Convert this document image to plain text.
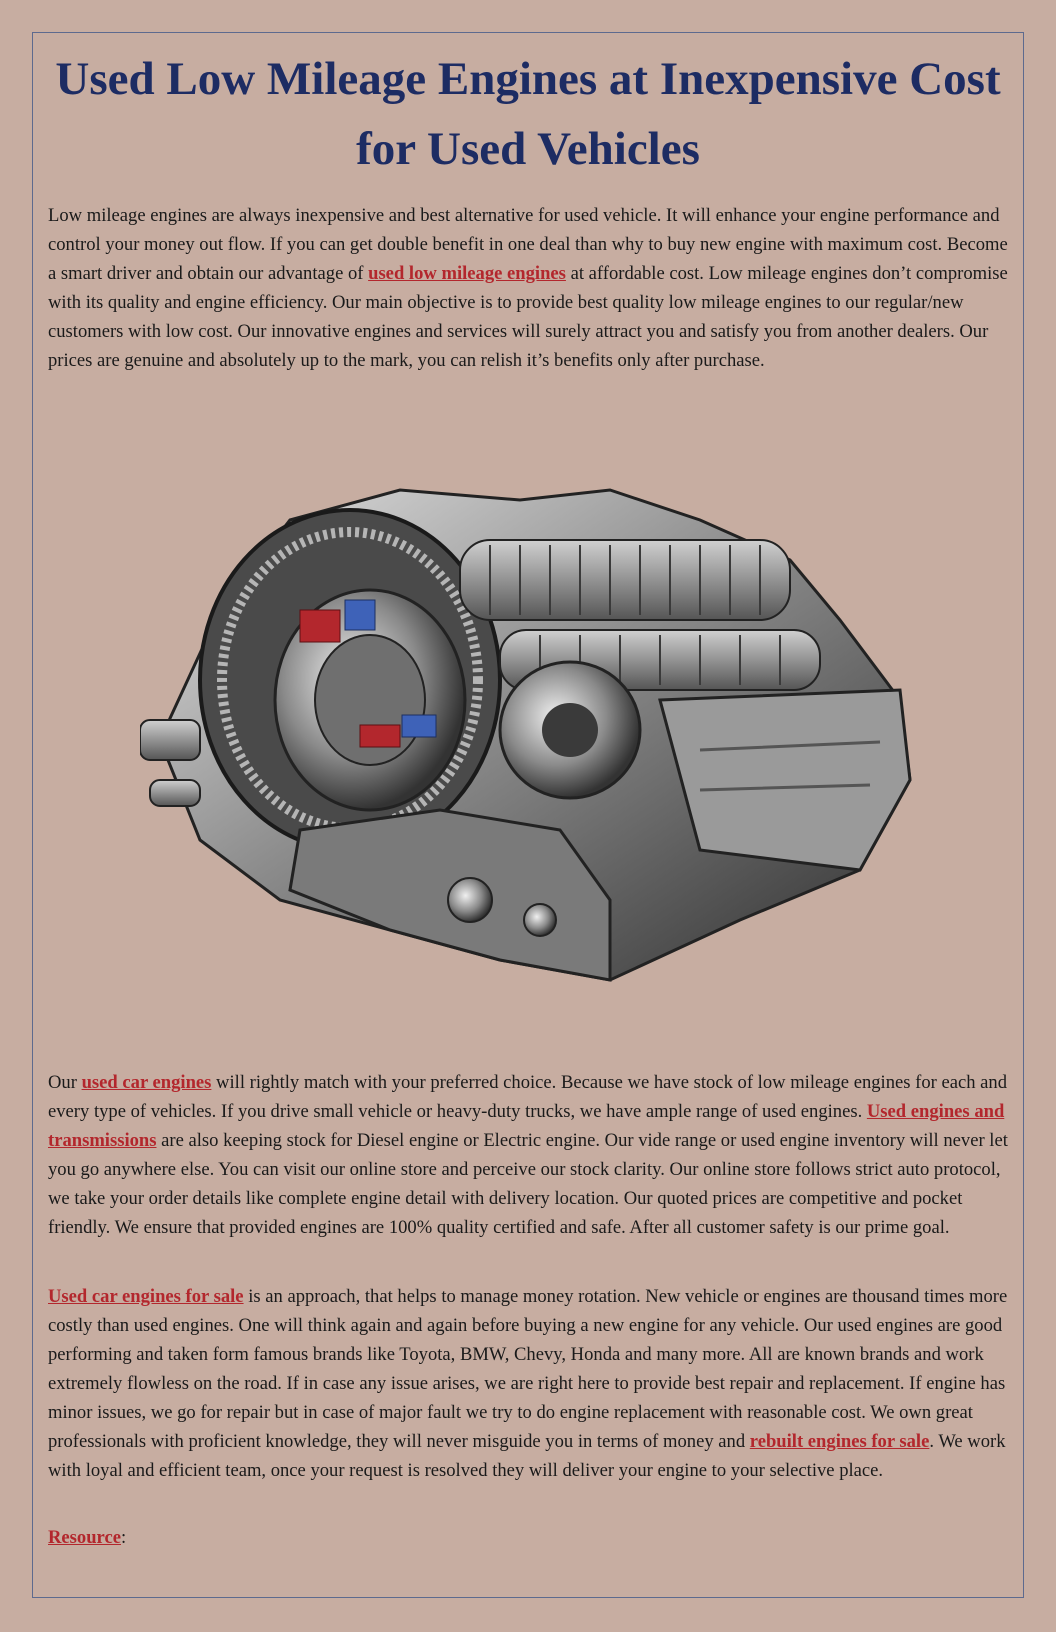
Used Low Mileage Engines at Inexpensive Cost for Used Vehicles

Low mileage engines are always inexpensive and best alternative for used vehicle. It will enhance your engine performance and control your money out flow. If you can get double benefit in one deal than why to buy new engine with maximum cost. Become a smart driver and obtain our advantage of used low mileage engines at affordable cost. Low mileage engines don’t compromise with its quality and engine efficiency. Our main objective is to provide best quality low mileage engines to our regular/new customers with low cost. Our innovative engines and services will surely attract you and satisfy you from another dealers. Our prices are genuine and absolutely up to the mark, you can relish it’s benefits only after purchase.

Our used car engines will rightly match with your preferred choice. Because we have stock of low mileage engines for each and every type of vehicles. If you drive small vehicle or heavy-duty trucks, we have ample range of used engines. Used engines and transmissions are also keeping stock for Diesel engine or Electric engine. Our vide range or used engine inventory will never let you go anywhere else. You can visit our online store and perceive our stock clarity. Our online store follows strict auto protocol, we take your order details like complete engine detail with delivery location. Our quoted prices are competitive and pocket friendly. We ensure that provided engines are 100% quality certified and safe. After all customer safety is our prime goal.

Used car engines for sale is an approach, that helps to manage money rotation. New vehicle or engines are thousand times more costly than used engines. One will think again and again before buying a new engine for any vehicle. Our used engines are good performing and taken form famous brands like Toyota, BMW, Chevy, Honda and many more. All are known brands and work extremely flowless on the road. If in case any issue arises, we are right here to provide best repair and replacement. If engine has minor issues, we go for repair but in case of major fault we try to do engine replacement with reasonable cost. We own great professionals with proficient knowledge, they will never misguide you in terms of money and rebuilt engines for sale. We work with loyal and efficient team, once your request is resolved they will deliver your engine to your selective place.

Resource:
